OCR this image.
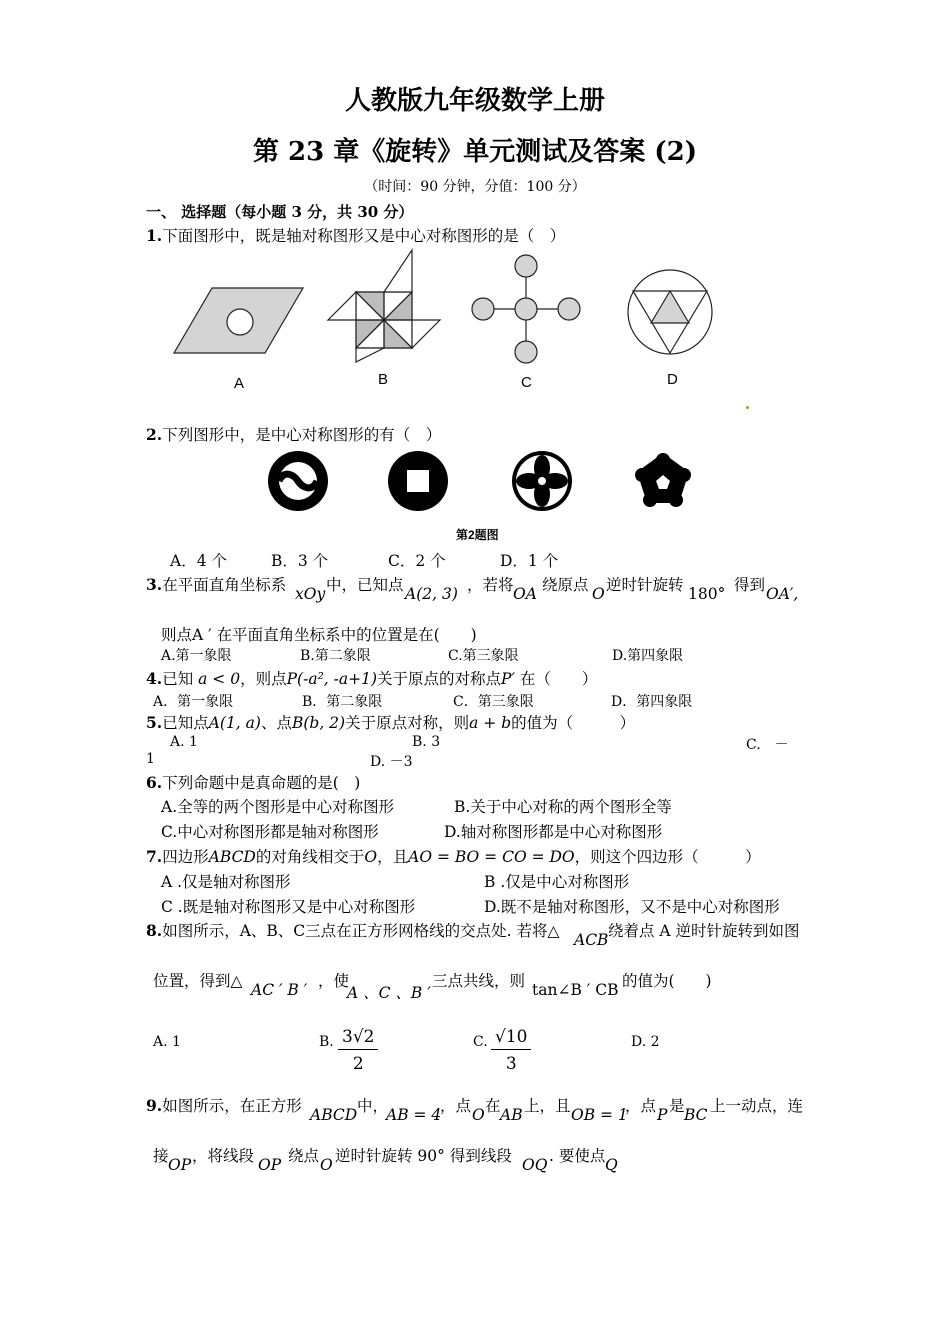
人教版九年级数学上册
第 23 章《旋转》单元测试及答案 (2)
（时间：90 分钟，分值：100 分）
一、 选择题（每小题 3 分，共 30 分）
1.下面图形中，既是轴对称图形又是中心对称图形的是（　）
A	B	C	D
2.下列图形中，是中心对称图形的有（　）
第2题图
A．4 个	B．3 个	C．2 个	D．1 个
3.在平面直角坐标系 xOy 中，已知点 A(2, 3) ，若将 OA 绕原点 O 逆时针旋转 180° 得到 OA′,
则点A ′ 在平面直角坐标系中的位置是在(　　)
A.第一象限	B.第二象限	C.第三象限	D.第四象限
4.已知 a < 0，则点P(-a², -a+1)关于原点的对称点P′ 在（　　）
A．第一象限	B．第二象限	C．第三象限	D．第四象限
5.已知点A(1, a)、点B(b, 2)关于原点对称，则a + b的值为（　　　）
A. 1	B. 3	C.　－
1	D. －3
6.下列命题中是真命题的是(　)
A.全等的两个图形是中心对称图形	B.关于中心对称的两个图形全等
C.中心对称图形都是轴对称图形	D.轴对称图形都是中心对称图形
7.四边形ABCD的对角线相交于O，且AO = BO = CO = DO，则这个四边形（　　　）
A .仅是轴对称图形	B .仅是中心对称图形
C .既是轴对称图形又是中心对称图形	D.既不是轴对称图形，又不是中心对称图形
8.如图所示，A、B、C三点在正方形网格线的交点处. 若将△ ACB 绕着点 A 逆时针旋转到如图
位置，得到△ AC ′ B ′ ，使
A 、C 、B ′
三点共线，则 tan∠B ′ CB 的值为(　　)
A. 1	B. $\frac{3√2}{2}$	C. $\frac{√10}{3}$	D. 2
9.如图所示，在正方形 ABCD 中，
AB = 4
，点 O 在 AB 上，且 OB = 1
，点 P 是 BC 上一动点，连
接 OP ，将线段 OP 绕点 O 逆时针旋转 90° 得到线段 OQ . 要使点 Q
